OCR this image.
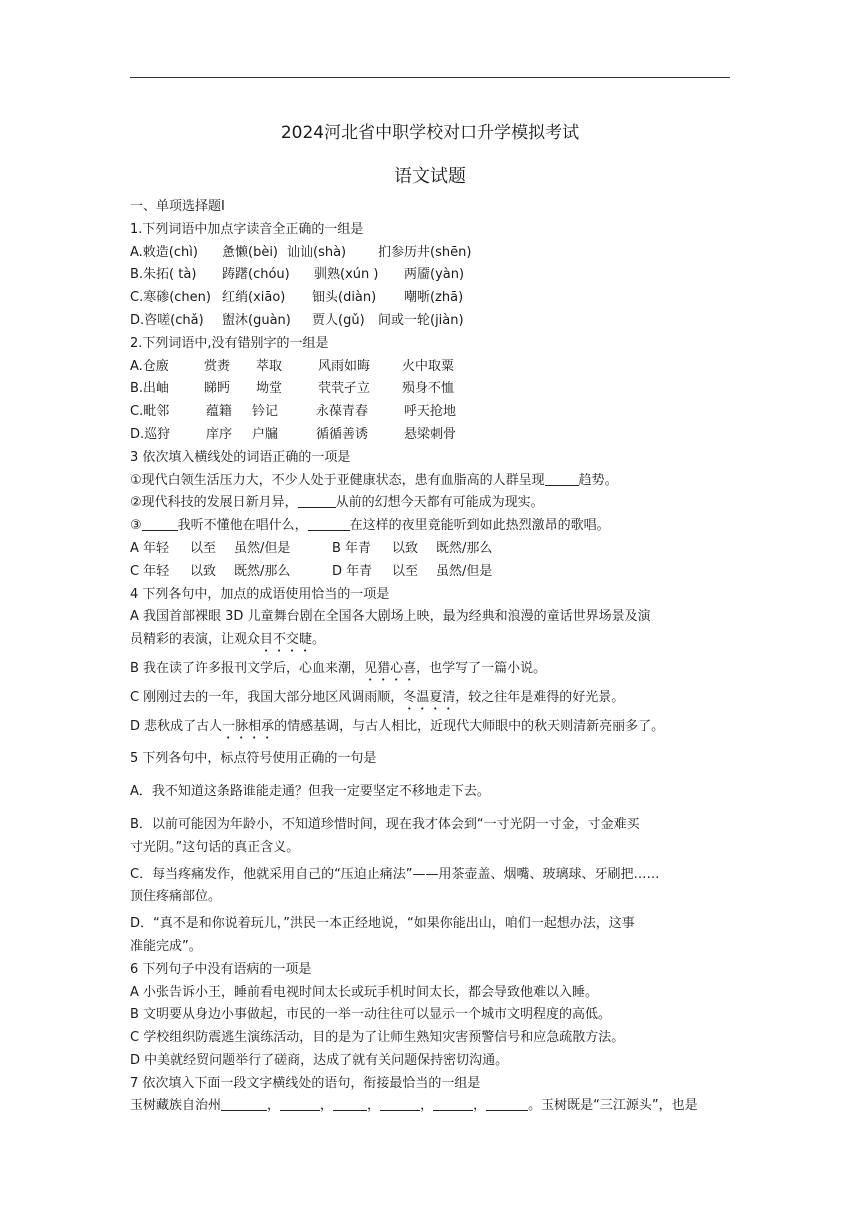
2024河北省中职学校对口升学模拟考试
语文试题
一、单项选择题Ⅰ
1.下列词语中加点字读音全正确的一组是
A.敕造(chì)	惫懒(bèi) 讪讪(shà)	扪参历井(shēn)
B.朱拓( tà)	踌躇(chóu)	驯熟(xún )	两靥(yàn)
C.寒碜(chen) 红绡(xiāo)	钿头(diàn)	嘲哳(zhā)
D.咨嗟(chǎ)	盥沐(guàn)	贾人(gǔ)	间或一轮(jiàn)
2.下列词语中,没有错别字的一组是
A.仓廒	赏赉	萃取	风雨如晦	火中取粟
B.出岫	睇眄	坳堂	茕茕孑立	殒身不恤
C.毗邻	蕴籍	钤记	永葆青春	呼天抢地
D.巡狩	庠序	户牖	循循善诱	悬梁刺骨
3 依次填入横线处的词语正确的一项是
①现代白领生活压力大，不少人处于亚健康状态，患有血脂高的人群呈现	趋势。
②现代科技的发展日新月异，	从前的幻想今天都有可能成为现实。
③	我听不懂他在唱什么，	在这样的夜里竟能听到如此热烈激昂的歌唱。
A 年轻	以至	虽然/但是	B 年青	以致	既然/那么
C 年轻	以致	既然/那么	D 年青	以至	虽然/但是
4 下列各句中，加点的成语使用恰当的一项是
A 我国首部裸眼 3D 儿童舞台剧在全国各大剧场上映，最为经典和浪漫的童话世界场景及演
员精彩的表演，让观众目不交睫。
B 我在读了许多报刊文学后，心血来潮，见猎心喜，也学写了一篇小说。
C 刚刚过去的一年，我国大部分地区风调雨顺，冬温夏清，较之往年是难得的好光景。
D 悲秋成了古人一脉相承的情感基调，与古人相比，近现代大师眼中的秋天则清新亮丽多了。
5 下列各句中，标点符号使用正确的一句是
A．我不知道这条路谁能走通？但我一定要坚定不移地走下去。
B．以前可能因为年龄小，不知道珍惜时间，现在我才体会到“一寸光阴一寸金，寸金难买
寸光阴。”这句话的真正含义。
C．每当疼痛发作，他就采用自己的“压迫止痛法”——用茶壶盖、烟嘴、玻璃球、牙刷把……
顶住疼痛部位。
D．“真不是和你说着玩儿，”洪民一本正经地说，“如果你能出山，咱们一起想办法，这事
准能完成”。
6 下列句子中没有语病的一项是
A 小张告诉小王，睡前看电视时间太长或玩手机时间太长，都会导致他难以入睡。
B 文明要从身边小事做起，市民的一举一动往往可以显示一个城市文明程度的高低。
C 学校组织防震逃生演练活动，目的是为了让师生熟知灾害预警信号和应急疏散方法。
D 中美就经贸问题举行了磋商，达成了就有关问题保持密切沟通。
7 依次填入下面一段文字横线处的语句，衔接最恰当的一组是
玉树藏族自治州	，	，	，	，	，	。玉树既是“三江源头”，也是
